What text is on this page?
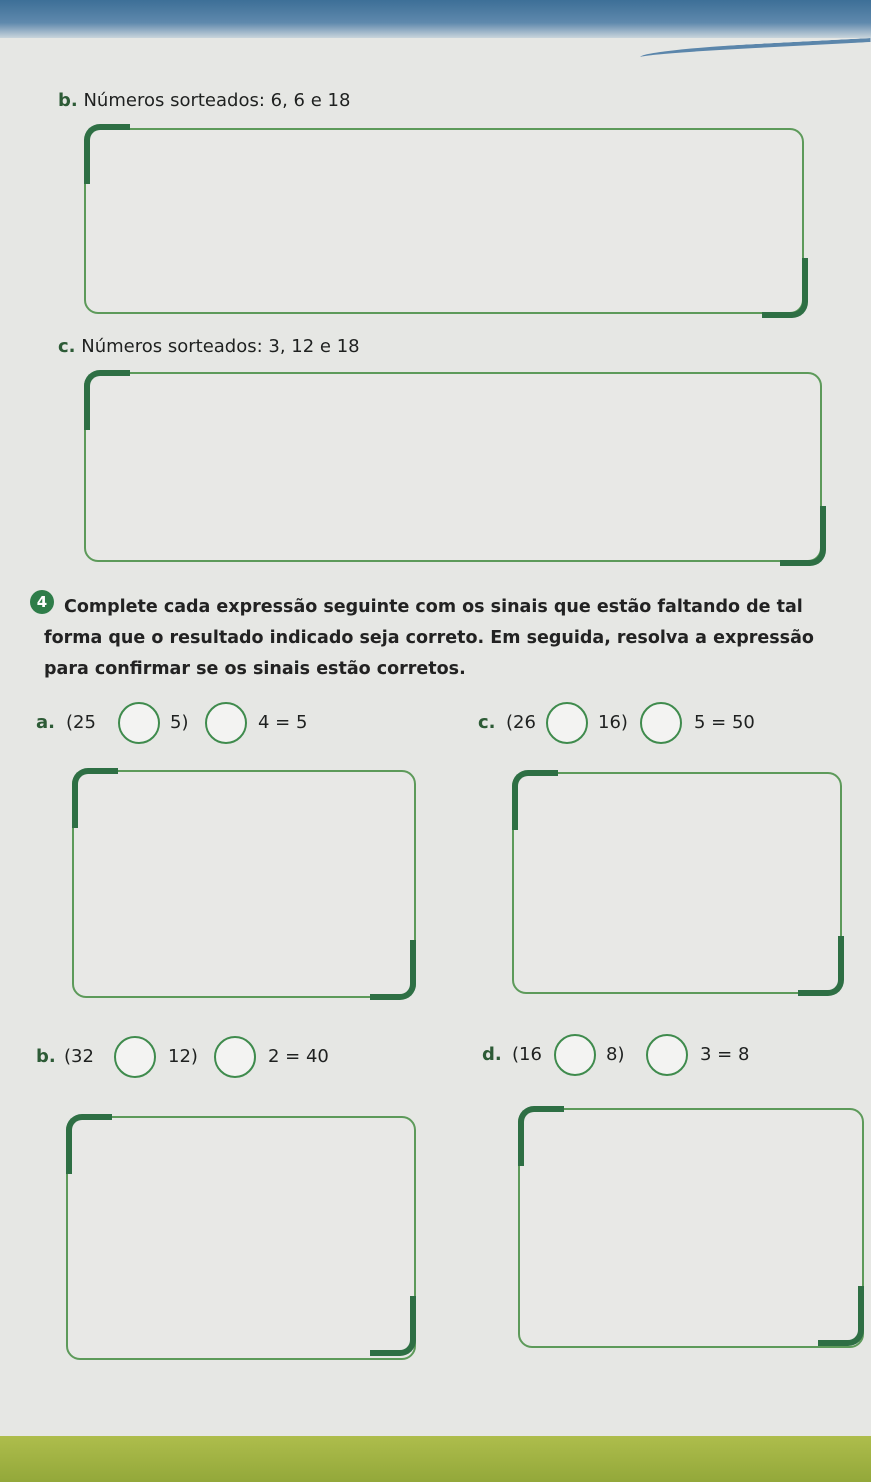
b. Números sorteados: 6, 6 e 18
c. Números sorteados: 3, 12 e 18
4 Complete cada expressão seguinte com os sinais que estão faltando de tal forma que o resultado indicado seja correto. Em seguida, resolva a expressão para confirmar se os sinais estão corretos.
a. (25	5)	4 = 5	c. (26	16)	5 = 50
b. (32	12)	2 = 40	d. (16	8)	3 = 8
